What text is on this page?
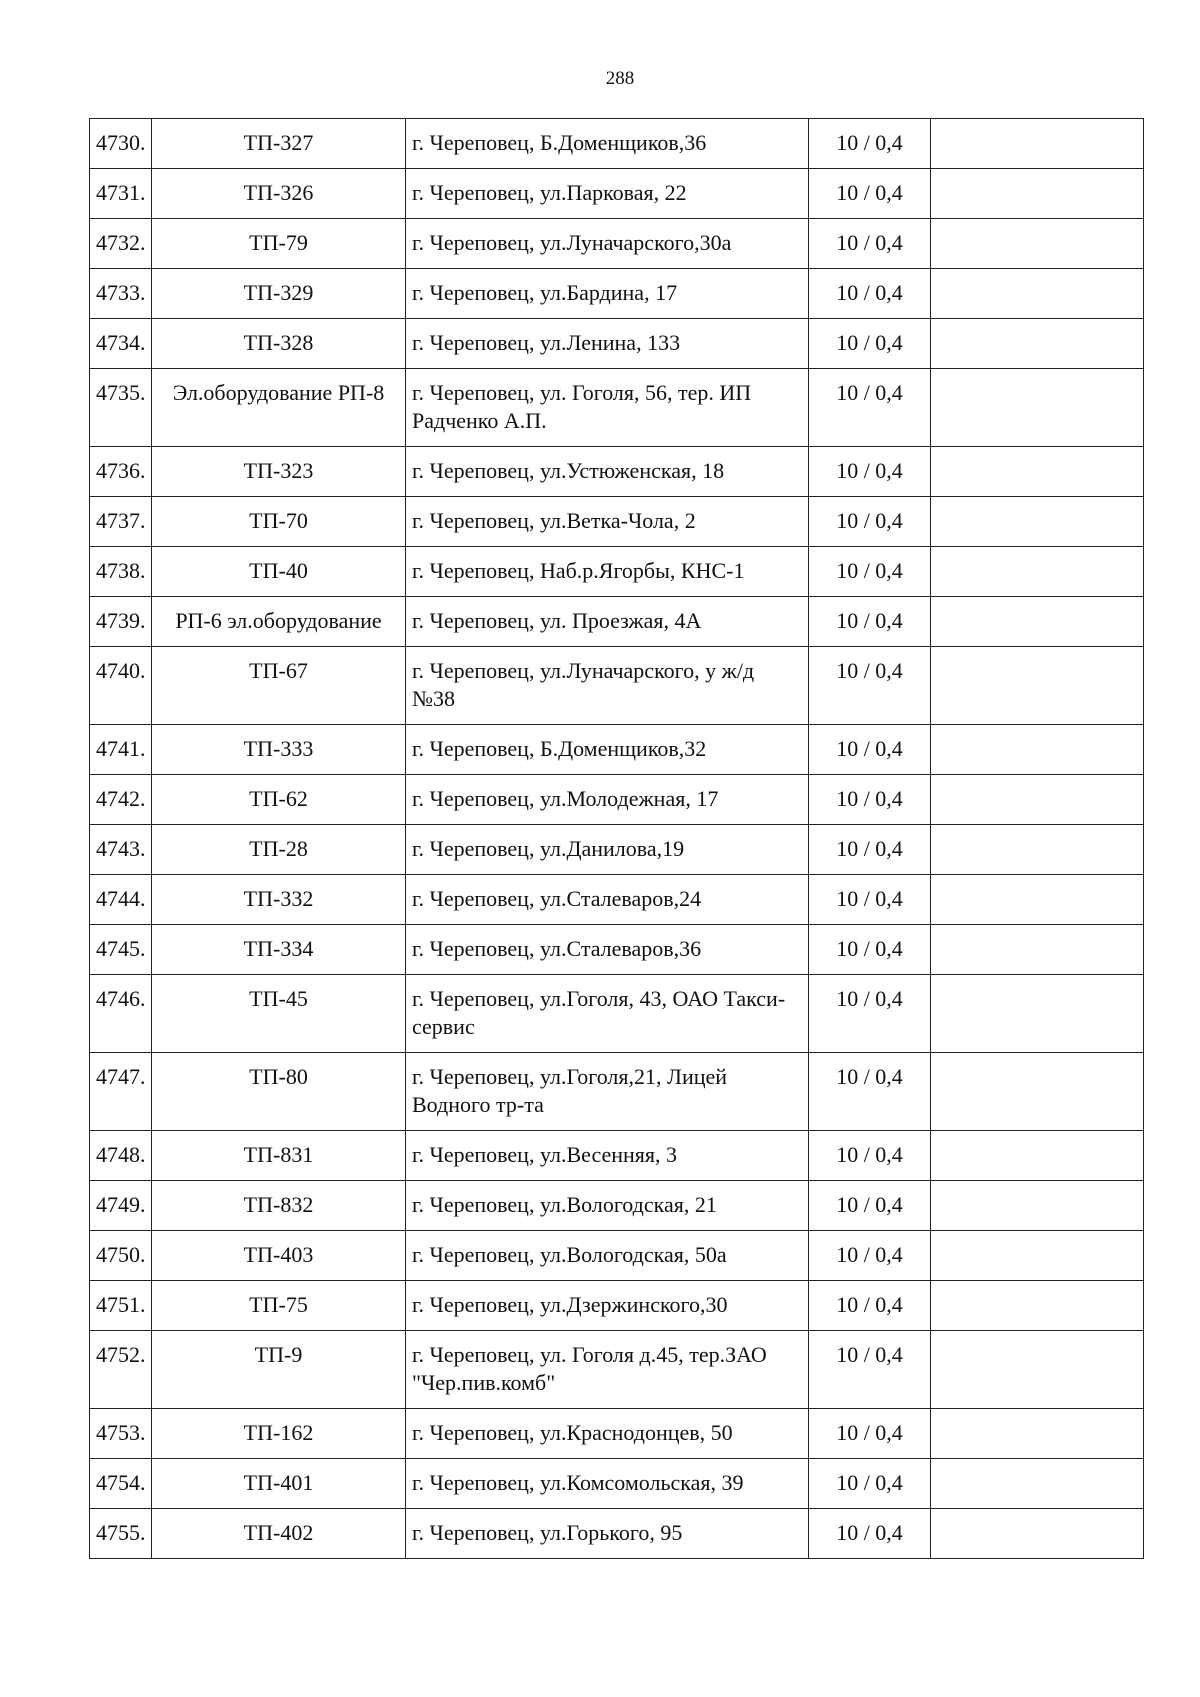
288
4730.	ТП-327	г. Череповец, Б.Доменщиков,36	10 / 0,4	
4731.	ТП-326	г. Череповец, ул.Парковая, 22	10 / 0,4	
4732.	ТП-79	г. Череповец, ул.Луначарского,30а	10 / 0,4	
4733.	ТП-329	г. Череповец, ул.Бардина, 17	10 / 0,4	
4734.	ТП-328	г. Череповец, ул.Ленина, 133	10 / 0,4	
4735.	Эл.оборудование РП-8	г. Череповец, ул. Гоголя, 56, тер. ИП Радченко А.П.	10 / 0,4	
4736.	ТП-323	г. Череповец, ул.Устюженская, 18	10 / 0,4	
4737.	ТП-70	г. Череповец, ул.Ветка-Чола, 2	10 / 0,4	
4738.	ТП-40	г. Череповец, Наб.р.Ягорбы, КНС-1	10 / 0,4	
4739.	РП-6 эл.оборудование	г. Череповец, ул. Проезжая, 4А	10 / 0,4	
4740.	ТП-67	г. Череповец, ул.Луначарского, у ж/д №38	10 / 0,4	
4741.	ТП-333	г. Череповец, Б.Доменщиков,32	10 / 0,4	
4742.	ТП-62	г. Череповец, ул.Молодежная, 17	10 / 0,4	
4743.	ТП-28	г. Череповец, ул.Данилова,19	10 / 0,4	
4744.	ТП-332	г. Череповец, ул.Сталеваров,24	10 / 0,4	
4745.	ТП-334	г. Череповец, ул.Сталеваров,36	10 / 0,4	
4746.	ТП-45	г. Череповец, ул.Гоголя, 43, ОАО Такси-сервис	10 / 0,4	
4747.	ТП-80	г. Череповец, ул.Гоголя,21, Лицей Водного тр-та	10 / 0,4	
4748.	ТП-831	г. Череповец, ул.Весенняя, 3	10 / 0,4	
4749.	ТП-832	г. Череповец, ул.Вологодская, 21	10 / 0,4	
4750.	ТП-403	г. Череповец, ул.Вологодская, 50а	10 / 0,4	
4751.	ТП-75	г. Череповец, ул.Дзержинского,30	10 / 0,4	
4752.	ТП-9	г. Череповец, ул. Гоголя д.45, тер.ЗАО "Чер.пив.комб"	10 / 0,4	
4753.	ТП-162	г. Череповец, ул.Краснодонцев, 50	10 / 0,4	
4754.	ТП-401	г. Череповец, ул.Комсомольская, 39	10 / 0,4	
4755.	ТП-402	г. Череповец, ул.Горького, 95	10 / 0,4	
